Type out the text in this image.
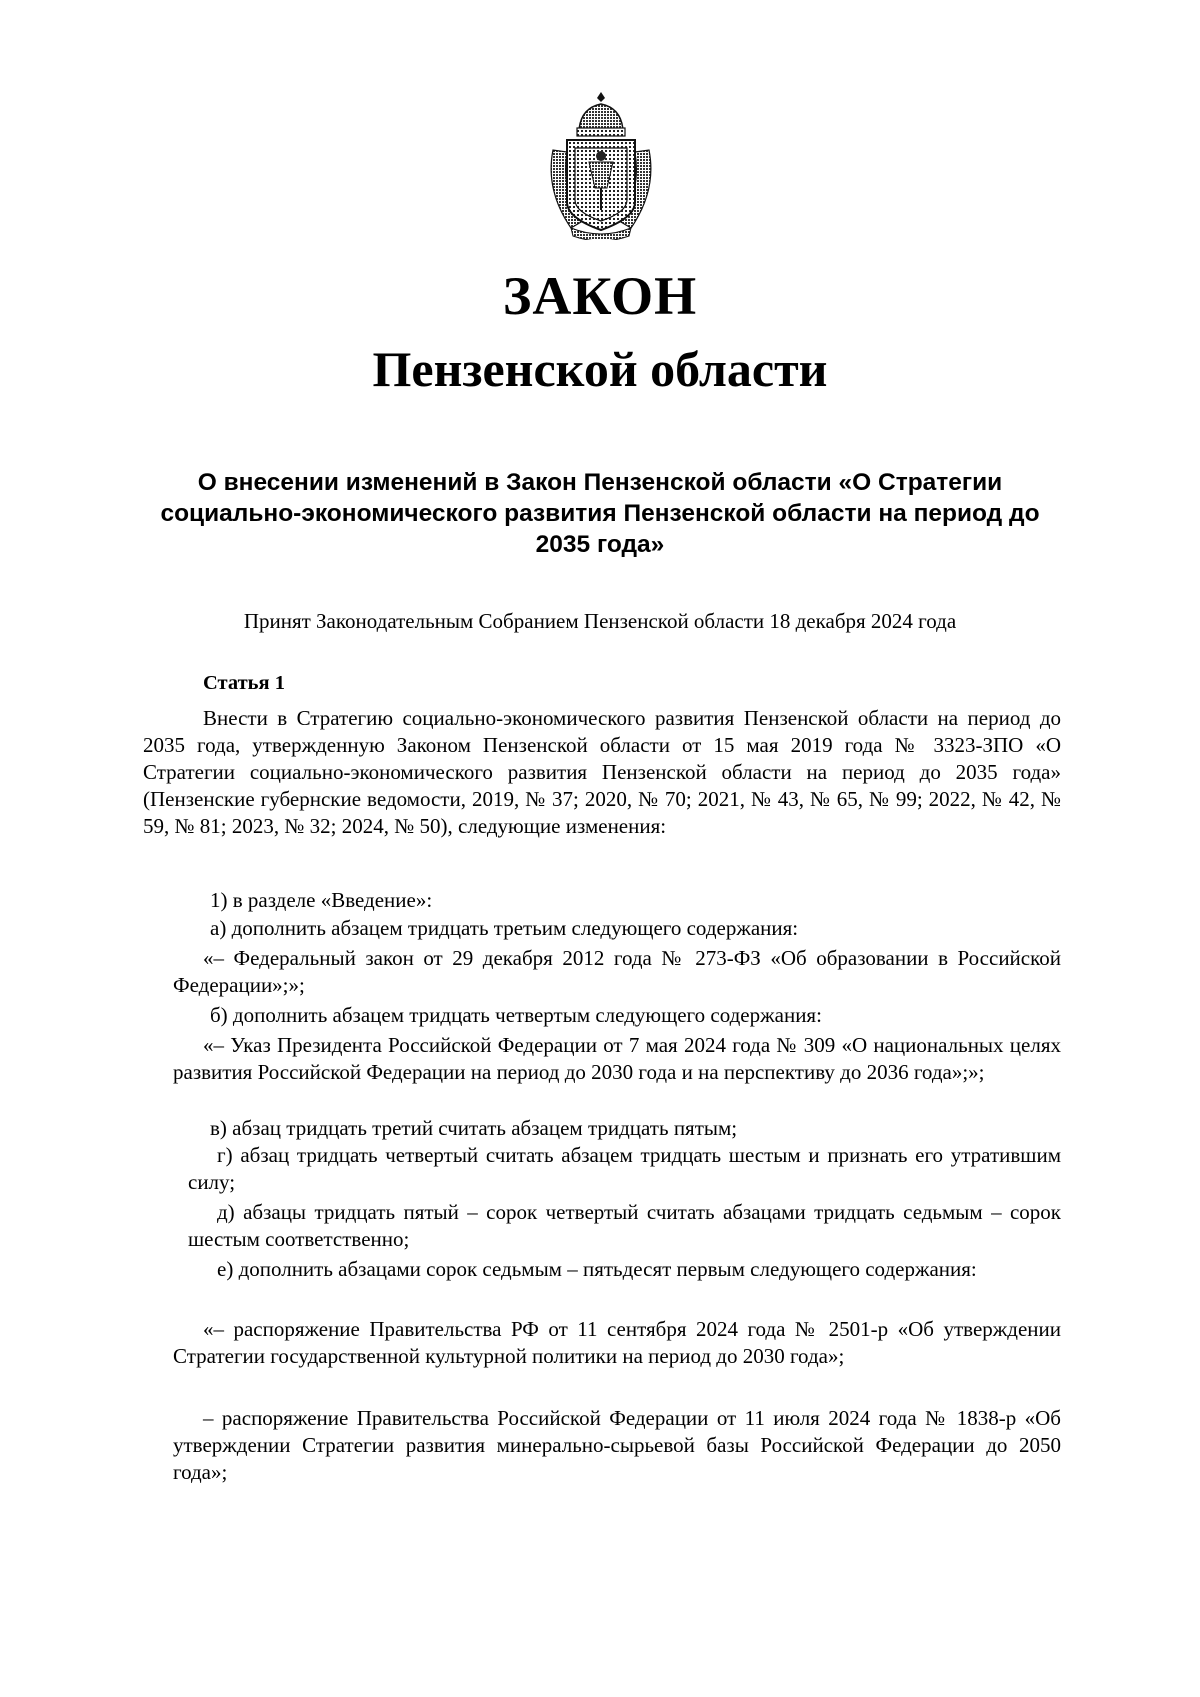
ЗАКОН
Пензенской области
О внесении изменений в Закон Пензенской области «О Стратегии социально-экономического развития Пензенской области на период до 2035 года»
Принят Законодательным Собранием Пензенской области 18 декабря 2024 года
Статья 1

Внести в Стратегию социально-экономического развития Пензенской области на период до 2035 года, утвержденную Законом Пензенской области от 15 мая 2019 года № 3323-ЗПО «О Стратегии социально-экономического развития Пензенской области на период до 2035 года» (Пензенские губернские ведомости, 2019, № 37; 2020, № 70; 2021, № 43, № 65, № 99; 2022, № 42, № 59, № 81; 2023, № 32; 2024, № 50), следующие изменения:

1) в разделе «Введение»:

а) дополнить абзацем тридцать третьим следующего содержания:

«– Федеральный закон от 29 декабря 2012 года № 273-ФЗ «Об образовании в Российской Федерации»;»;

б) дополнить абзацем тридцать четвертым следующего содержания:

«– Указ Президента Российской Федерации от 7 мая 2024 года № 309 «О национальных целях развития Российской Федерации на период до 2030 года и на перспективу до 2036 года»;»;

в) абзац тридцать третий считать абзацем тридцать пятым;

г) абзац тридцать четвертый считать абзацем тридцать шестым и признать его утратившим силу;

д) абзацы тридцать пятый – сорок четвертый считать абзацами тридцать седьмым – сорок шестым соответственно;

е) дополнить абзацами сорок седьмым – пятьдесят первым следующего содержания:

«– распоряжение Правительства РФ от 11 сентября 2024 года № 2501-р «Об утверждении Стратегии государственной культурной политики на период до 2030 года»;

– распоряжение Правительства Российской Федерации от 11 июля 2024 года № 1838-р «Об утверждении Стратегии развития минерально-сырьевой базы Российской Федерации до 2050 года»;
